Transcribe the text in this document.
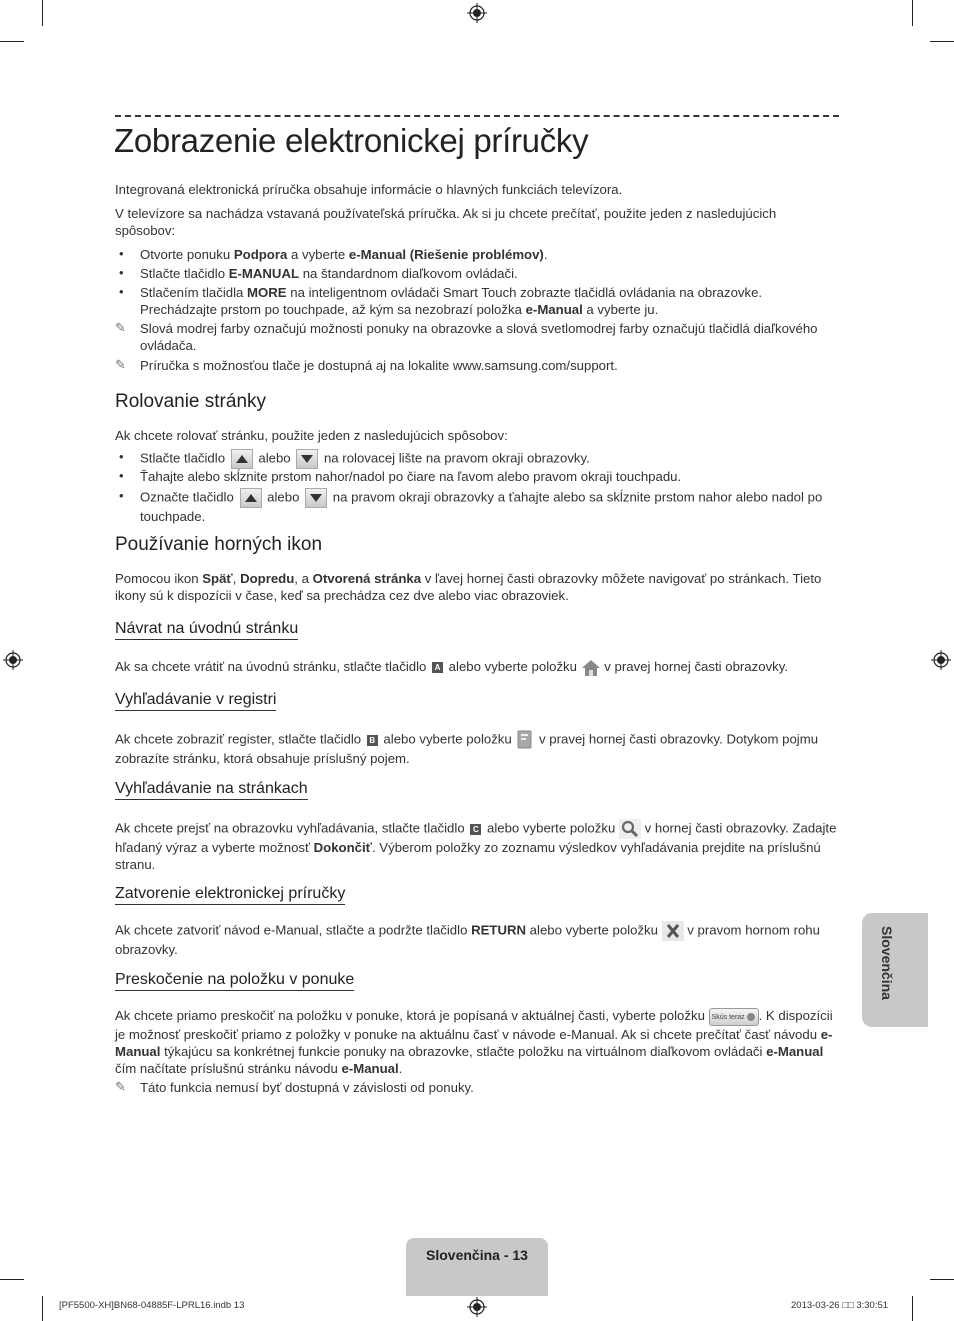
Zobrazenie elektronickej príručky

Integrovaná elektronická príručka obsahuje informácie o hlavných funkciách televízora.

V televízore sa nachádza vstavaná používateľská príručka. Ak si ju chcete prečítať, použite jeden z nasledujúcich spôsobov:

• Otvorte ponuku Podpora a vyberte e-Manual (Riešenie problémov).

• Stlačte tlačidlo E-MANUAL na štandardnom diaľkovom ovládači.

• Stlačením tlačidla MORE na inteligentnom ovládači Smart Touch zobrazte tlačidlá ovládania na obrazovke. Prechádzajte prstom po touchpade, až kým sa nezobrazí položka e-Manual a vyberte ju.

✎ Slová modrej farby označujú možnosti ponuky na obrazovke a slová svetlomodrej farby označujú tlačidlá diaľkového ovládača.

✎ Príručka s možnosťou tlače je dostupná aj na lokalite www.samsung.com/support.

Rolovanie stránky

Ak chcete rolovať stránku, použite jeden z nasledujúcich spôsobov:

• Stlačte tlačidlo
alebo
na rolovacej lište na pravom okraji obrazovky.

• Ťahajte alebo skĺznite prstom nahor/nadol po čiare na ľavom alebo pravom okraji touchpadu.

• Označte tlačidlo
alebo
na pravom okraji obrazovky a ťahajte alebo sa skĺznite prstom nahor alebo nadol po touchpade.

Používanie horných ikon

Pomocou ikon Späť, Dopredu, a Otvorená stránka v ľavej hornej časti obrazovky môžete navigovať po stránkach. Tieto ikony sú k dispozícii v čase, keď sa prechádza cez dve alebo viac obrazoviek.

Návrat na úvodnú stránku

Ak sa chcete vrátiť na úvodnú stránku, stlačte tlačidlo A alebo vyberte položku  v pravej hornej časti obrazovky.

Vyhľadávanie v registri

Ak chcete zobraziť register, stlačte tlačidlo B alebo vyberte položku  v pravej hornej časti obrazovky. Dotykom pojmu zobrazíte stránku, ktorá obsahuje príslušný pojem.

Vyhľadávanie na stránkach

Ak chcete prejsť na obrazovku vyhľadávania, stlačte tlačidlo C alebo vyberte položku  v hornej časti obrazovky. Zadajte hľadaný výraz a vyberte možnosť Dokončiť. Výberom položky zo zoznamu výsledkov vyhľadávania prejdite na príslušnú stranu.

Zatvorenie elektronickej príručky

Ak chcete zatvoriť návod e-Manual, stlačte a podržte tlačidlo RETURN alebo vyberte položku  v pravom hornom rohu obrazovky.

Preskočenie na položku v ponuke

Ak chcete priamo preskočiť na položku v ponuke, ktorá je popísaná v aktuálnej časti, vyberte položku Skús teraz . K dispozícii je možnosť preskočiť priamo z položky v ponuke na aktuálnu časť v návode e-Manual. Ak si chcete prečítať časť návodu e-Manual týkajúcu sa konkrétnej funkcie ponuky na obrazovke, stlačte položku na virtuálnom diaľkovom ovládači e-Manual čím načítate príslušnú stránku návodu e-Manual.

✎ Táto funkcia nemusí byť dostupná v závislosti od ponuky.

Slovenčina
Slovenčina - 13
[PF5500-XH]BN68-04885F-LPRL16.indb 13	2013-03-26 □□ 3:30:51
